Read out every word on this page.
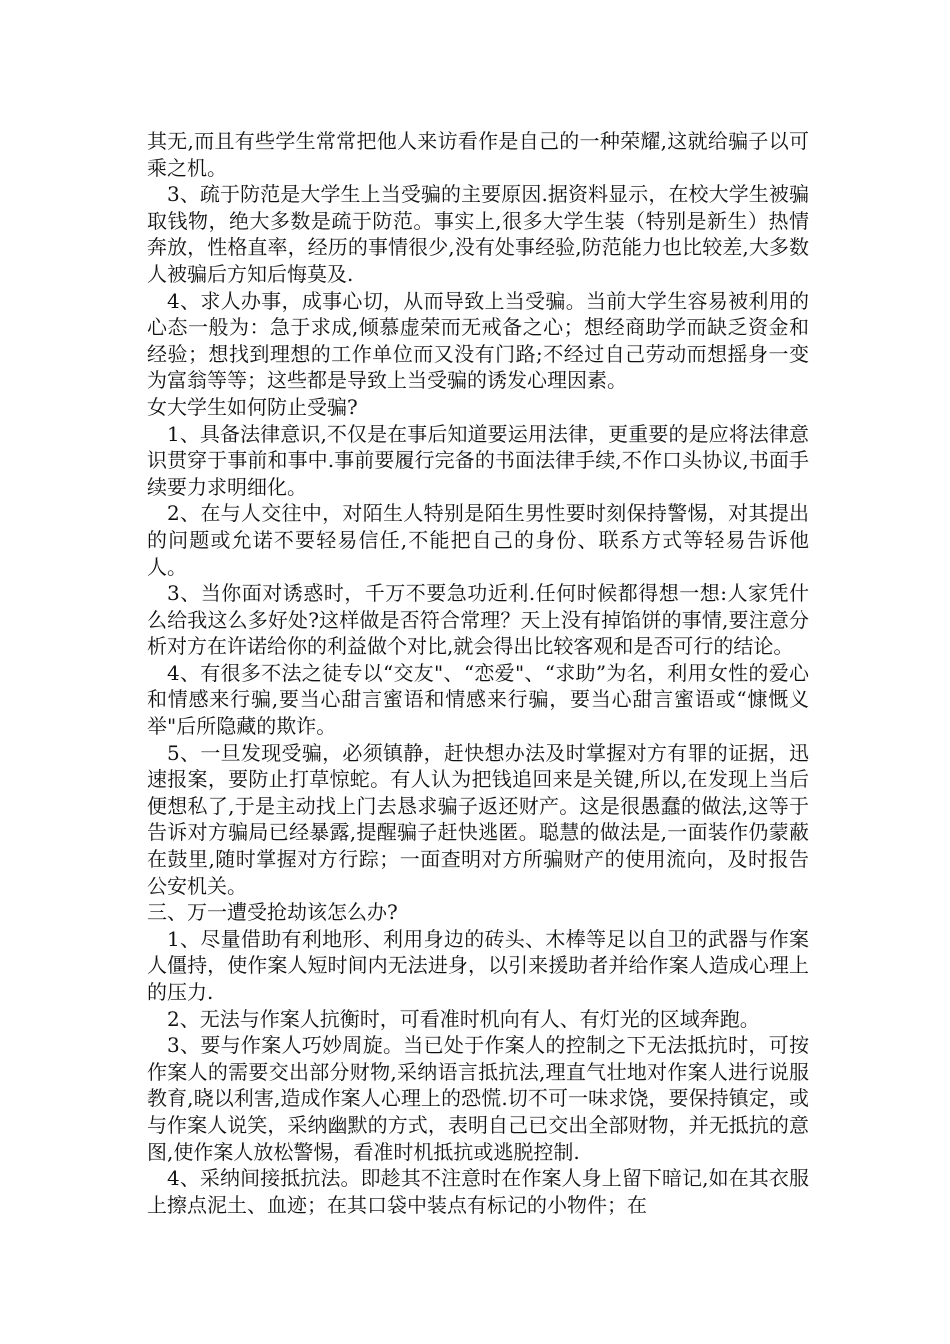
其无,而且有些学生常常把他人来访看作是自己的一种荣耀,这就给骗子以可乘之机。

3、疏于防范是大学生上当受骗的主要原因.据资料显示，在校大学生被骗取钱物，绝大多数是疏于防范。事实上,很多大学生装（特别是新生）热情奔放，性格直率，经历的事情很少,没有处事经验,防范能力也比较差,大多数人被骗后方知后悔莫及.

4、求人办事，成事心切，从而导致上当受骗。当前大学生容易被利用的心态一般为：急于求成,倾慕虚荣而无戒备之心；想经商助学而缺乏资金和经验；想找到理想的工作单位而又没有门路;不经过自己劳动而想摇身一变为富翁等等；这些都是导致上当受骗的诱发心理因素。

女大学生如何防止受骗?

1、具备法律意识,不仅是在事后知道要运用法律，更重要的是应将法律意识贯穿于事前和事中.事前要履行完备的书面法律手续,不作口头协议,书面手续要力求明细化。

2、在与人交往中，对陌生人特别是陌生男性要时刻保持警惕，对其提出的问题或允诺不要轻易信任,不能把自己的身份、联系方式等轻易告诉他人。

3、当你面对诱惑时，千万不要急功近利.任何时候都得想一想:人家凭什么给我这么多好处?这样做是否符合常理？天上没有掉馅饼的事情,要注意分析对方在许诺给你的利益做个对比,就会得出比较客观和是否可行的结论。

4、有很多不法之徒专以“交友"、“恋爱"、“求助”为名，利用女性的爱心和情感来行骗,要当心甜言蜜语和情感来行骗，要当心甜言蜜语或“慷慨义举"后所隐藏的欺诈。

5、一旦发现受骗，必须镇静，赶快想办法及时掌握对方有罪的证据，迅速报案，要防止打草惊蛇。有人认为把钱追回来是关键,所以,在发现上当后便想私了,于是主动找上门去恳求骗子返还财产。这是很愚蠢的做法,这等于告诉对方骗局已经暴露,提醒骗子赶快逃匿。聪慧的做法是,一面装作仍蒙蔽在鼓里,随时掌握对方行踪；一面查明对方所骗财产的使用流向，及时报告公安机关。

三、万一遭受抢劫该怎么办?

1、尽量借助有利地形、利用身边的砖头、木棒等足以自卫的武器与作案人僵持，使作案人短时间内无法进身，以引来援助者并给作案人造成心理上的压力.

2、无法与作案人抗衡时，可看准时机向有人、有灯光的区域奔跑。

3、要与作案人巧妙周旋。当已处于作案人的控制之下无法抵抗时，可按作案人的需要交出部分财物,采纳语言抵抗法,理直气壮地对作案人进行说服教育,晓以利害,造成作案人心理上的恐慌.切不可一味求饶，要保持镇定，或与作案人说笑，采纳幽默的方式，表明自己已交出全部财物，并无抵抗的意图,使作案人放松警惕，看准时机抵抗或逃脱控制.

4、采纳间接抵抗法。即趁其不注意时在作案人身上留下暗记,如在其衣服上擦点泥土、血迹；在其口袋中装点有标记的小物件；在
